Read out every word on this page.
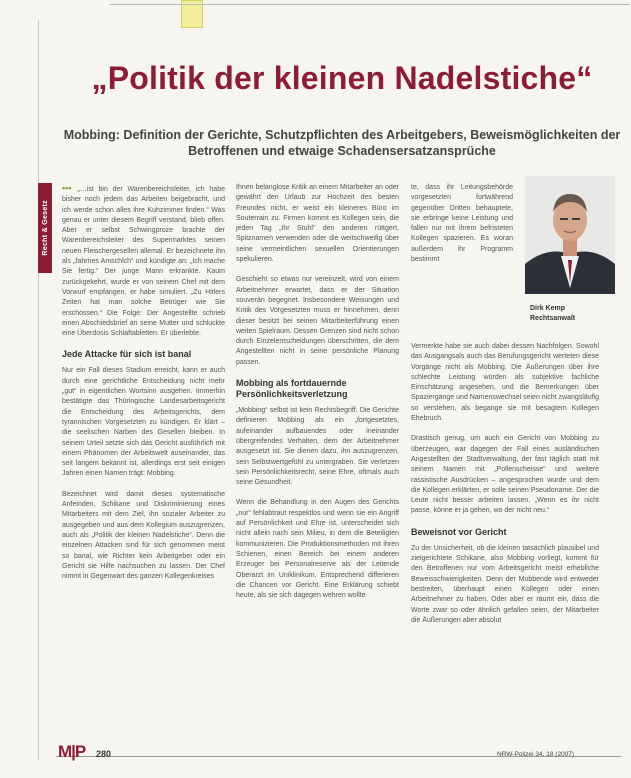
Recht & Gesetz
„Politik der kleinen Nadelstiche“
Mobbing: Definition der Gerichte, Schutzpflichten des Arbeitgebers, Beweismöglichkeiten der Betroffenen und etwaige Schadensersatzansprüche

••• „…ist bin der Warenbereichsleiter, ich habe bisher noch jedem das Arbeiten beigebracht, und ich werde schon alles ihre Kuhzimmer finden.“ Was genau er unter diesem Begriff verstand, blieb offen. Aber er selbst Schwingproze brachte der Warenbereichsleiter des Supermarktes seinen neuen Fleischergesellen allemal. Er bezeichnete ihn als „fahrnes Amschlch“ und kündigte an: „Ich mache Sie fertig.“ Der junge Mann erkrankte. Kaum zurückgekehrt, wurde er von seinem Chef mit dem Vorwurf empfangen, er habe simuliert. „Zu Hitlers Zeiten hat man solche Betrüger wie Sie erschossen.“ Die Folge: Der Angestellte schrieb einen Abschiedsbrief an seine Mutter und schluckte eine Überdosis Schlaftabletten. Er überlebte.

Jede Attacke für sich ist banal

Nur ein Fall dieses Stadium erreicht, kann er auch durch eine gerichtliche Entscheidung nicht mehr „gut“ in eigentlichen Wortsinn ausgehen. Immerhin bestätigte das Thüringische Landesarbeitsgericht die Entscheidung des Arbeitsgerichts, dem tyrannischen Vorgesetzten zu kündigen. Er klärt – die seelischen Narben des Gesellen bleiben. In seinem Urteil setzte sich das Gericht ausführlich mit einem Phänomen der Arbeitswelt auseinander, das seit langem bekannt ist, allerdings erst seit einigen Jahren einen Namen trägt: Mobbing.

Bezeichnet wird damit dieses systematische Anfeinden, Schikane und Diskriminierung eines Mitarbeiters mit dem Ziel, ihn sozialer Arbeiter zu ausgegeben und aus dem Kollegium auszugrenzen, auch als „Politik der kleinen Nadelstiche“. Denn die einzelnen Attacken sind für sich genommen meist so banal, wie Richter kein Arbeitgeber oder ein Gericht sie Hilfe nachsuchen zu lassen. Der Chef nimmt in Gegenwart des ganzen Kollegenkreises

Ihnen belanglose Kritik an einem Mitarbeiter an oder gewährt den Urlaub zur Hochzeit des besten Freundes nicht, er weist ein kleineres Büro im Souterrain zu. Firmen kommt es Kollegen sein, die jeden Tag „Ihr Stuhl“ den anderen rüttgert, Spitznamen verwenden oder die weitschweifig über seine vermeintlichen sexuellen Orientierungen spekulieren.

Geschieht so etwas nur vereinzelt, wird von einem Arbeitnehmer erwartet, dass er der Situation souverän begegnet. Insbesondere Weisungen und Kritik des Vorgesetzten muss er hinnehmen, denn dieser besitzt bei seinen Mitarbeiterführung einen weiten Spielraum. Dessen Grenzen sind nicht schon durch Einzelentscheidungen überschritten, die dem Angestellten nicht in seine persönliche Planung passen.

Mobbing als fortdauernde Persönlichkeitsverletzung

„Mobbing“ selbst ist kein Rechtsbegriff. Die Gerichte definieren Mobbing als ein „fortgesetztes, aufeinander aufbauendes oder ineinander übergreifendes Verhalten, dem der Arbeitnehmer ausgesetzt ist. Sie dienen dazu, ihn auszugrenzen, sein Selbstwertgefühl zu untergraben. Sie verletzen sein Persönlichkeitsrecht, seine Ehre, oftmals auch seine Gesundheit.

Wenn die Behandlung in den Augen des Gerichts „nur“ fehlabtraut respektlos und wenn sie ein Angriff auf Persönlichkeit und Ehre ist, unterscheidet sich nicht allein nach sein Milieu, in dem die Beteiligten kommunizieren. Die Produktionsmethoden mit ihren Schienen, einen Bereich bei einem anderen Erzeuger bei Personalreserve als der Leitende Oberarzt im Uniklinikum. Entsprechend differieren die Chancen vor Gericht. Eine Erklärung schiebt heute, als sie sich dagegen wehren wollte

te, dass ihr Leitungsbehörde vorgesetzten fortwährend gegenüber Dritten behauptete, sie erbringe keine Leistung und fallen nur mit ihrem befristeten Kollegen spazieren. Es woran außerdem ihr Programm bestimmt

Vermerkte habe sie auch dabei dessen Nachfolgen. Sowohl das Ausgangsals auch das Berufungsgericht werteten diese Vorgänge nicht als Mobbing. Die Äußerungen über ihre schlechte Leistung würden als subjektive fachliche Einschätzung angesehen, und die Bemerkungen über Spaziergänge und Namenswechsel seien nicht zwangsläufig so verstehen, als begange sie mit besagtem Kollegen Ehebruch.

Drastisch genug, um auch ein Gericht von Mobbing zu überzeugen, war dagegen der Fall eines ausländischen Angestellten der Stadtverwaltung, der fast täglich statt mit seinem Namen mit „Pollenscheisse“ und weitere rassistische Ausdrücken – angesprochen wurde und dem die Kollegen erklärten, er solle seinen Pseudoname. Der die Leute nicht besser arbeiten lassen. „Wenn es ihr nicht passe, könne er ja gehen, wo der nicht neu.“

Beweisnot vor Gericht

Zu der Unsicherheit, ob die kleinen tatsächlich plausibel und zielgerichtete Schikane, also Mobbing vorliegt, kommt für den Betroffenen nur vom Arbeitsgericht meist erhebliche Beweisschwierigkeiten. Denn der Mobbende wird entweder bestreiten, überhaupt einen Kollegen oder einen Arbeitnehmer zu haben. Oder aber er räumt ein, dass die Worte zwar so oder ähnlich gefallen seien, der Mitarbeiter die Äußerungen aber absolut

Dirk Kemp
Rechtsanwalt
M|P 280	NRW-Polizei 34, 18 (2007)
